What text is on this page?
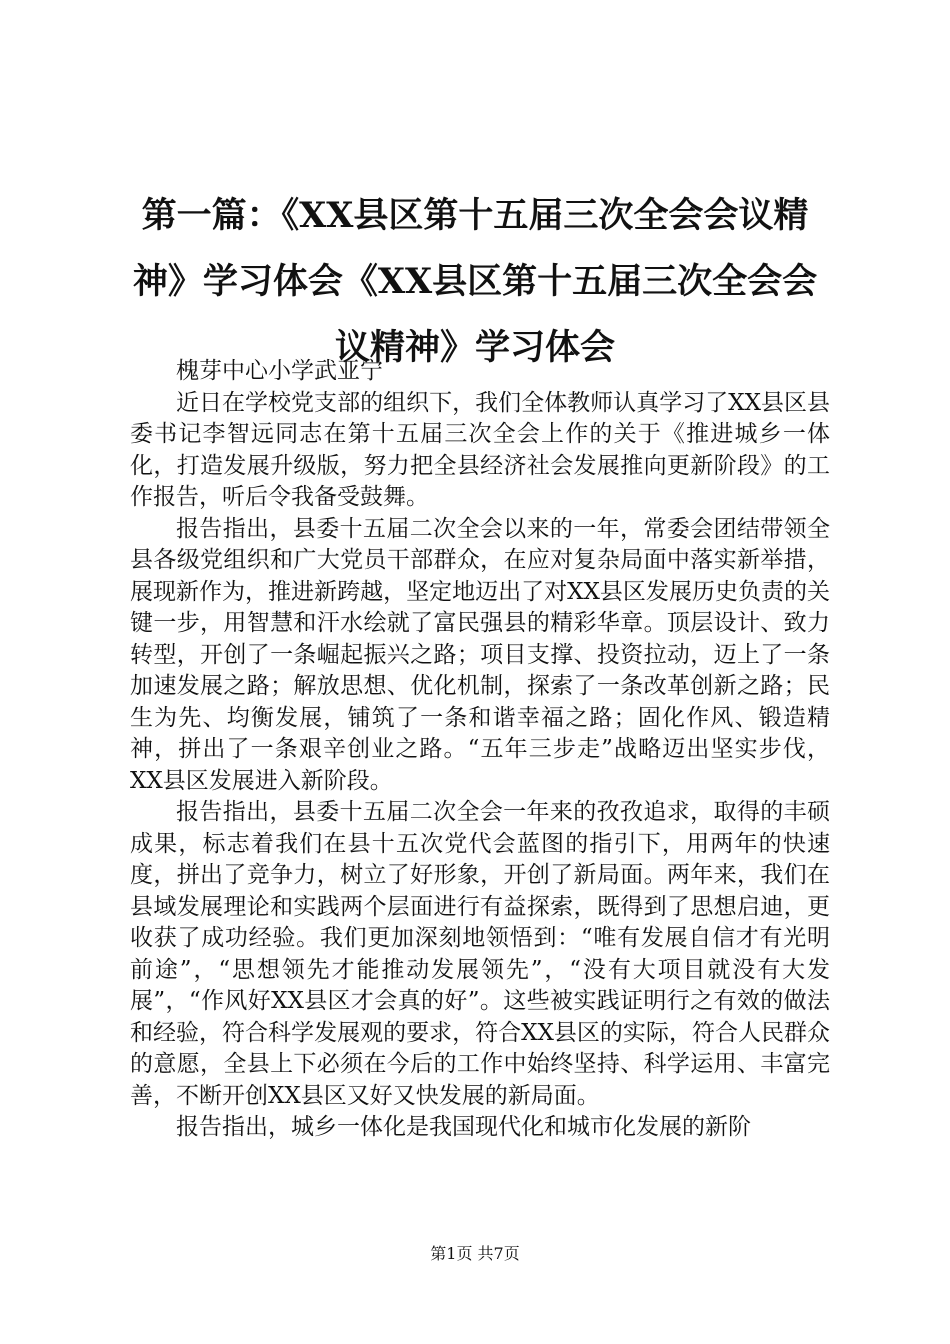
第一篇：《XX县区第十五届三次全会会议精神》学习体会《XX县区第十五届三次全会会议精神》学习体会
槐芽中心小学武亚宁

近日在学校党支部的组织下，我们全体教师认真学习了XX县区县委书记李智远同志在第十五届三次全会上作的关于《推进城乡一体化，打造发展升级版，努力把全县经济社会发展推向更新阶段》的工作报告，听后令我备受鼓舞。

报告指出，县委十五届二次全会以来的一年，常委会团结带领全县各级党组织和广大党员干部群众，在应对复杂局面中落实新举措，展现新作为，推进新跨越，坚定地迈出了对XX县区发展历史负责的关键一步，用智慧和汗水绘就了富民强县的精彩华章。顶层设计、致力转型，开创了一条崛起振兴之路；项目支撑、投资拉动，迈上了一条加速发展之路；解放思想、优化机制，探索了一条改革创新之路；民生为先、均衡发展，铺筑了一条和谐幸福之路；固化作风、锻造精神，拼出了一条艰辛创业之路。“五年三步走”战略迈出坚实步伐，XX县区发展进入新阶段。

报告指出，县委十五届二次全会一年来的孜孜追求，取得的丰硕成果，标志着我们在县十五次党代会蓝图的指引下，用两年的快速度，拼出了竞争力，树立了好形象，开创了新局面。两年来，我们在县域发展理论和实践两个层面进行有益探索，既得到了思想启迪，更收获了成功经验。我们更加深刻地领悟到：“唯有发展自信才有光明前途”，“思想领先才能推动发展领先”，“没有大项目就没有大发展”，“作风好XX县区才会真的好”。这些被实践证明行之有效的做法和经验，符合科学发展观的要求，符合XX县区的实际，符合人民群众的意愿，全县上下必须在今后的工作中始终坚持、科学运用、丰富完善，不断开创XX县区又好又快发展的新局面。

报告指出，城乡一体化是我国现代化和城市化发展的新阶

第1页 共7页
